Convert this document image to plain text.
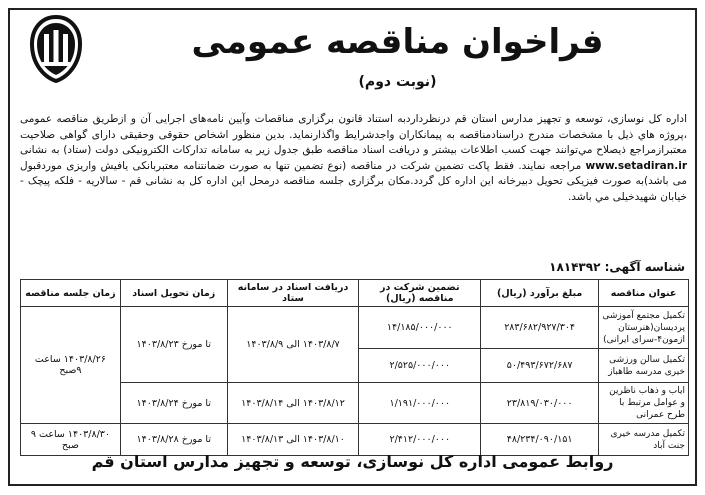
فراخوان مناقصه عمومی
(نوبت دوم)
اداره کل نوسازی، توسعه و تجهیز مدارس استان قم درنظرداردبه استناد قانون برگزاری مناقصات وآیین نامه‌های اجرایی آن و ازطریق مناقصه عمومی ،پروژه هاي ذيل با مشخصات مندرج دراسنادمناقصه به پيمانكاران واجدشرايط واگذارنمايد. بدين منظور اشخاص حقوقی وحقیقی دارای گواهی صلاحيت معتبرازمراجع ذيصلاح مي‌توانند جهت کسب اطلاعات بیشتر و دریافت اسناد مناقصه طبق جدول زیر به سامانه تدارکات الکترونیکی دولت (ستاد) به نشانی www.setadiran.ir مراجعه نمایند. فقط پاکت تضمین شرکت در مناقصه (نوع تضمین تنها به صورت ضمانتنامه معتبربانکی یافیش واریزی موردقبول می باشد)به صورت فیزیکی تحویل دبیرخانه این اداره کل گردد.مکان برگزاری جلسه مناقصه درمحل این اداره کل به نشانی قم - سالاریه - فلکه پیچک - خیابان شهیدخیلی مي باشد.
شناسه آگهی: ۱۸۱۴۳۹۲
عنوان مناقصه	مبلغ برآورد (ریال)	تضمین شرکت در مناقصه (ریال)	دریافت اسناد در سامانه ستاد	زمان تحویل اسناد	زمان جلسه مناقصه
تکمیل مجتمع آموزشی پردیسان(هنرستان ازمون۴-سرای ایرانی)	۲۸۳/۶۸۲/۹۲۷/۳۰۴	۱۴/۱۸۵/۰۰۰/۰۰۰	۱۴۰۳/۸/۷ الی ۱۴۰۳/۸/۹	تا مورخ ۱۴۰۳/۸/۲۳	۱۴۰۳/۸/۲۶ ساعت ۹صبح
تکمیل سالن ورزشی خیری مدرسه طاهباز	۵۰/۴۹۳/۶۷۲/۶۸۷	۲/۵۲۵/۰۰۰/۰۰۰			
ایاب و ذهاب ناظرین و عوامل مرتبط با طرح عمرانی	۲۳/۸۱۹/۰۳۰/۰۰۰	۱/۱۹۱/۰۰۰/۰۰۰	۱۴۰۳/۸/۱۲ الی ۱۴۰۳/۸/۱۴	تا مورخ ۱۴۰۳/۸/۲۴	
تکمیل مدرسه خیری جنت آباد	۴۸/۲۳۴/۰۹۰/۱۵۱	۲/۴۱۲/۰۰۰/۰۰۰	۱۴۰۳/۸/۱۰ الی ۱۴۰۳/۸/۱۳	تا مورخ ۱۴۰۳/۸/۲۸	۱۴۰۳/۸/۳۰ ساعت ۹ صبح
روابط عمومی اداره کل نوسازی، توسعه و تجهیز مدارس استان قم
